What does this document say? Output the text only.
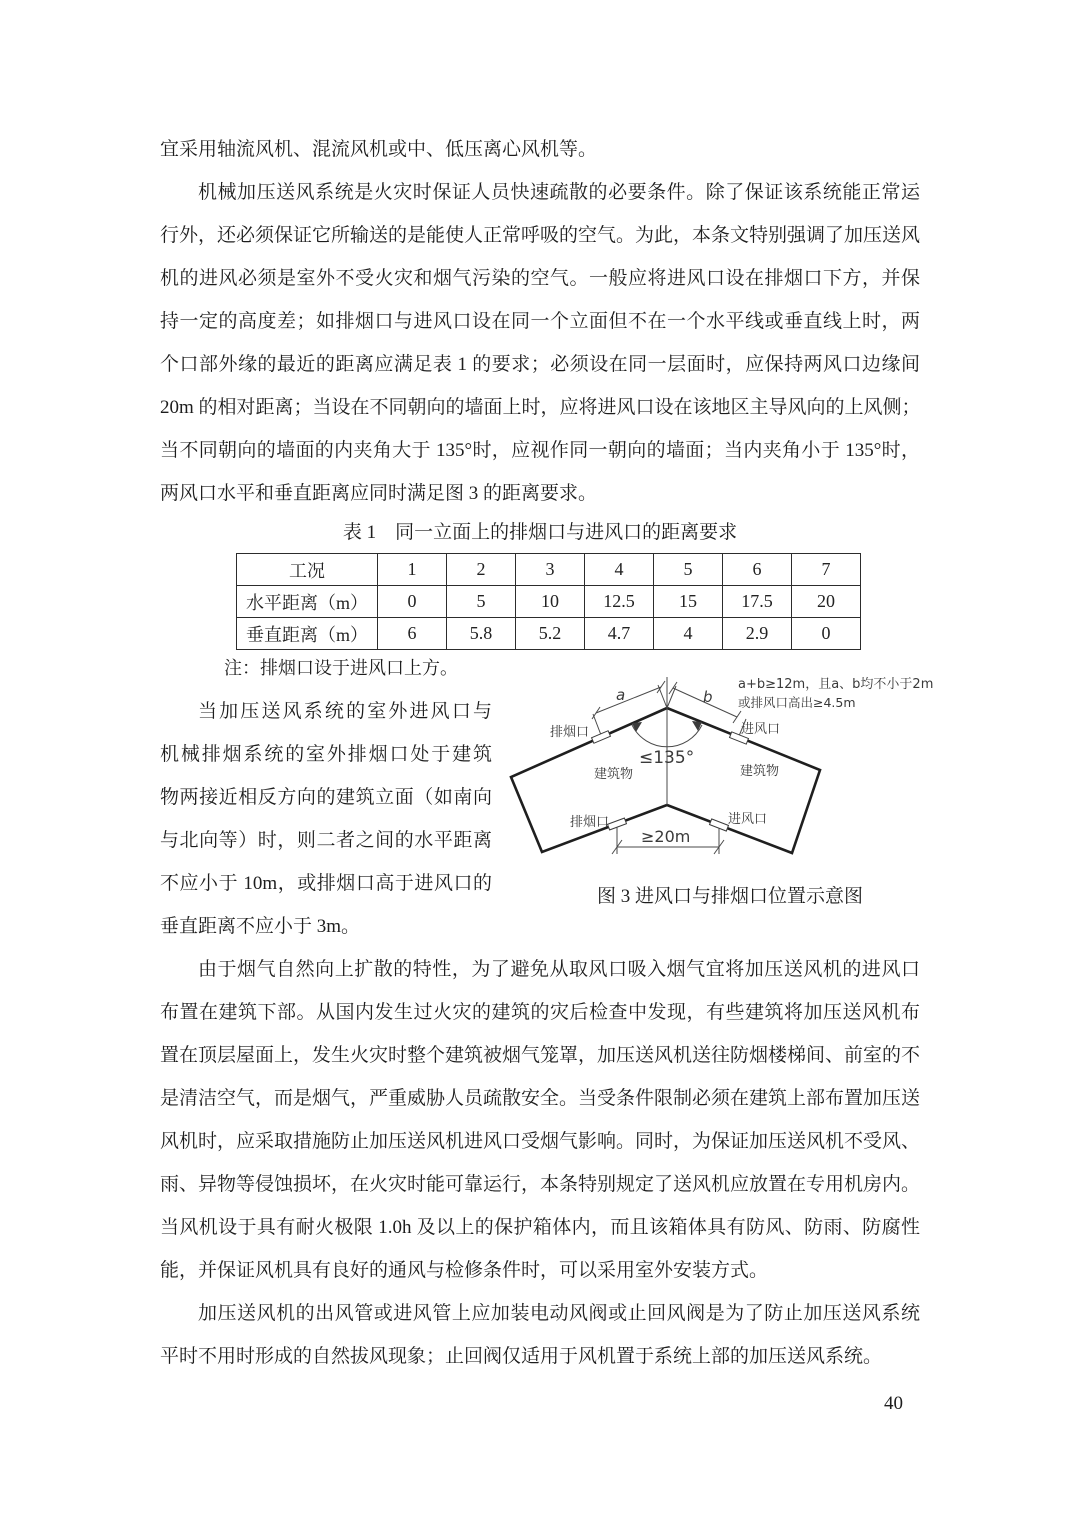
宜采用轴流风机、混流风机或中、低压离心风机等。
机械加压送风系统是火灾时保证人员快速疏散的必要条件。除了保证该系统能正常运
行外，还必须保证它所输送的是能使人正常呼吸的空气。为此，本条文特别强调了加压送风
机的进风必须是室外不受火灾和烟气污染的空气。一般应将进风口设在排烟口下方，并保
持一定的高度差；如排烟口与进风口设在同一个立面但不在一个水平线或垂直线上时，两
个口部外缘的最近的距离应满足表 1 的要求；必须设在同一层面时，应保持两风口边缘间
20m 的相对距离；当设在不同朝向的墙面上时，应将进风口设在该地区主导风向的上风侧；
当不同朝向的墙面的内夹角大于 135°时，应视作同一朝向的墙面；当内夹角小于 135°时，
两风口水平和垂直距离应同时满足图 3 的距离要求。
表 1　同一立面上的排烟口与进风口的距离要求
工况	1	2	3	4	5	6	7
水平距离（m）	0	5	10	12.5	15	17.5	20
垂直距离（m）	6	5.8	5.2	4.7	4	2.9	0
注：排烟口设于进风口上方。
当加压送风系统的室外进风口与
机械排烟系统的室外排烟口处于建筑
物两接近相反方向的建筑立面（如南向
与北向等）时，则二者之间的水平距离
不应小于 10m，或排烟口高于进风口的
垂直距离不应小于 3m。
a	b
≤135°
排烟口	进风口
建筑物	建筑物
排烟口	进风口
≥20m
a+b≥12m，且a、b均不小于2m
或排风口高出≥4.5m
图 3 进风口与排烟口位置示意图
由于烟气自然向上扩散的特性，为了避免从取风口吸入烟气宜将加压送风机的进风口
布置在建筑下部。从国内发生过火灾的建筑的灾后检查中发现，有些建筑将加压送风机布
置在顶层屋面上，发生火灾时整个建筑被烟气笼罩，加压送风机送往防烟楼梯间、前室的不
是清洁空气，而是烟气，严重威胁人员疏散安全。当受条件限制必须在建筑上部布置加压送
风机时，应采取措施防止加压送风机进风口受烟气影响。同时，为保证加压送风机不受风、
雨、异物等侵蚀损坏，在火灾时能可靠运行，本条特别规定了送风机应放置在专用机房内。
当风机设于具有耐火极限 1.0h 及以上的保护箱体内，而且该箱体具有防风、防雨、防腐性
能，并保证风机具有良好的通风与检修条件时，可以采用室外安装方式。
加压送风机的出风管或进风管上应加装电动风阀或止回风阀是为了防止加压送风系统
平时不用时形成的自然拔风现象；止回阀仅适用于风机置于系统上部的加压送风系统。
40
